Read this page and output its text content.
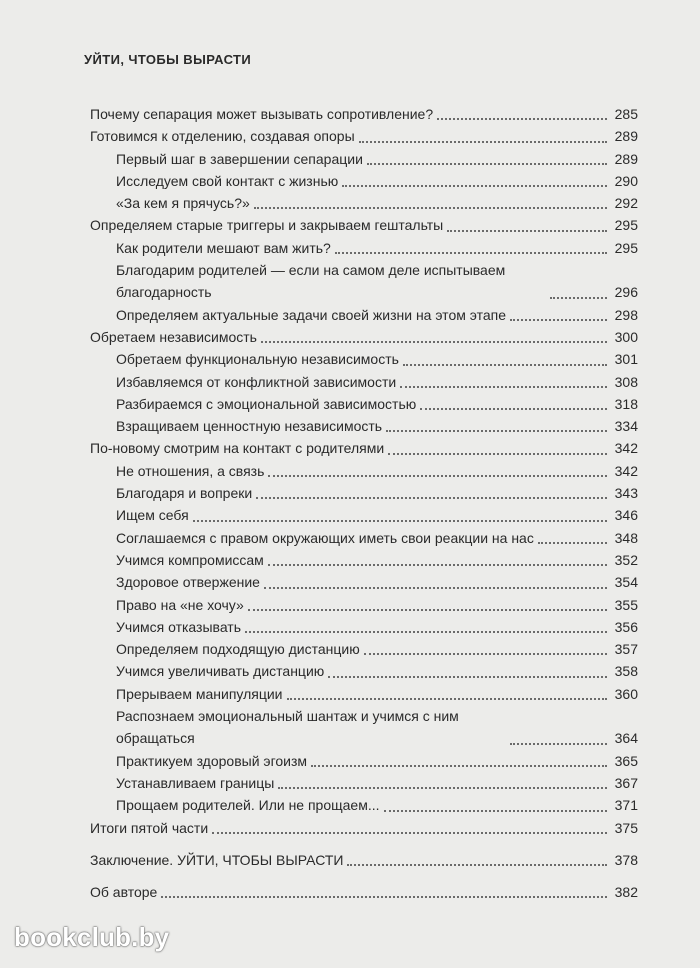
УЙТИ, ЧТОБЫ ВЫРАСТИ
Почему сепарация может вызывать сопротивление?	285
Готовимся к отделению, создавая опоры	289
Первый шаг в завершении сепарации	289
Исследуем свой контакт с жизнью	290
«За кем я прячусь?»	292
Определяем старые триггеры и закрываем гештальты	295
Как родители мешают вам жить?	295
Благодарим родителей — если на самом деле испытываем благодарность	296
Определяем актуальные задачи своей жизни на этом этапе	298
Обретаем независимость	300
Обретаем функциональную независимость	301
Избавляемся от конфликтной зависимости	308
Разбираемся с эмоциональной зависимостью	318
Взращиваем ценностную независимость	334
По-новому смотрим на контакт с родителями	342
Не отношения, а связь	342
Благодаря и вопреки	343
Ищем себя	346
Соглашаемся с правом окружающих иметь свои реакции на нас	348
Учимся компромиссам	352
Здоровое отвержение	354
Право на «не хочу»	355
Учимся отказывать	356
Определяем подходящую дистанцию	357
Учимся увеличивать дистанцию	358
Прерываем манипуляции	360
Распознаем эмоциональный шантаж и учимся с ним обращаться	364
Практикуем здоровый эгоизм	365
Устанавливаем границы	367
Прощаем родителей. Или не прощаем...	371
Итоги пятой части	375
Заключение. УЙТИ, ЧТОБЫ ВЫРАСТИ	378
Об авторе	382
bookclub.by
